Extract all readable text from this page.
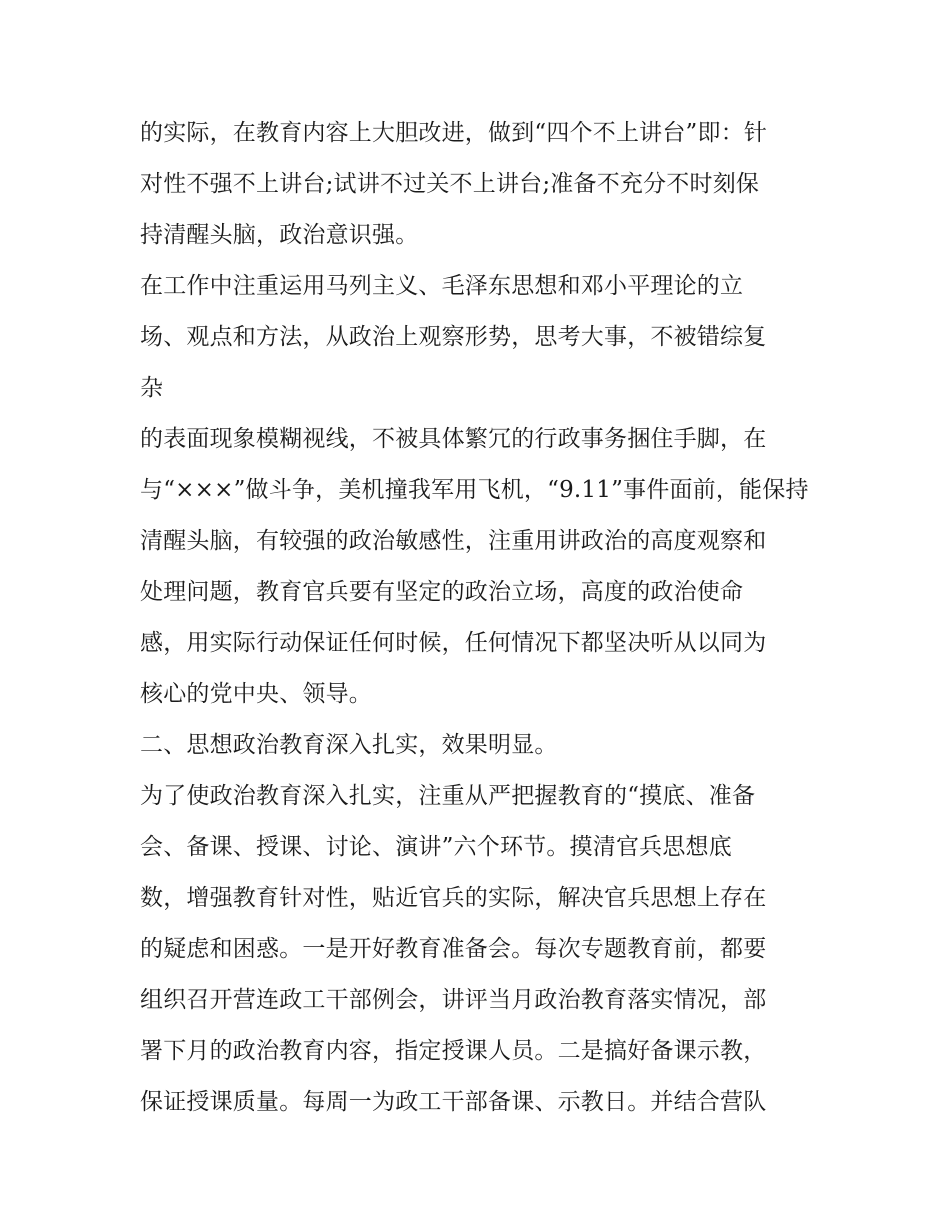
的实际，在教育内容上大胆改进，做到“四个不上讲台”即：针
对性不强不上讲台;试讲不过关不上讲台;准备不充分不时刻保
持清醒头脑，政治意识强。
在工作中注重运用马列主义、毛泽东思想和邓小平理论的立
场、观点和方法，从政治上观察形势，思考大事，不被错综复
杂
的表面现象模糊视线，不被具体繁冗的行政事务捆住手脚，在
与“×××”做斗争，美机撞我军用飞机，“9.11”事件面前，能保持
清醒头脑，有较强的政治敏感性，注重用讲政治的高度观察和
处理问题，教育官兵要有坚定的政治立场，高度的政治使命
感，用实际行动保证任何时候，任何情况下都坚决听从以同为
核心的党中央、领导。
二、思想政治教育深入扎实，效果明显。
为了使政治教育深入扎实，注重从严把握教育的“摸底、准备
会、备课、授课、讨论、演讲”六个环节。摸清官兵思想底
数，增强教育针对性，贴近官兵的实际，解决官兵思想上存在
的疑虑和困惑。一是开好教育准备会。每次专题教育前，都要
组织召开营连政工干部例会，讲评当月政治教育落实情况，部
署下月的政治教育内容，指定授课人员。二是搞好备课示教，
保证授课质量。每周一为政工干部备课、示教日。并结合营队
